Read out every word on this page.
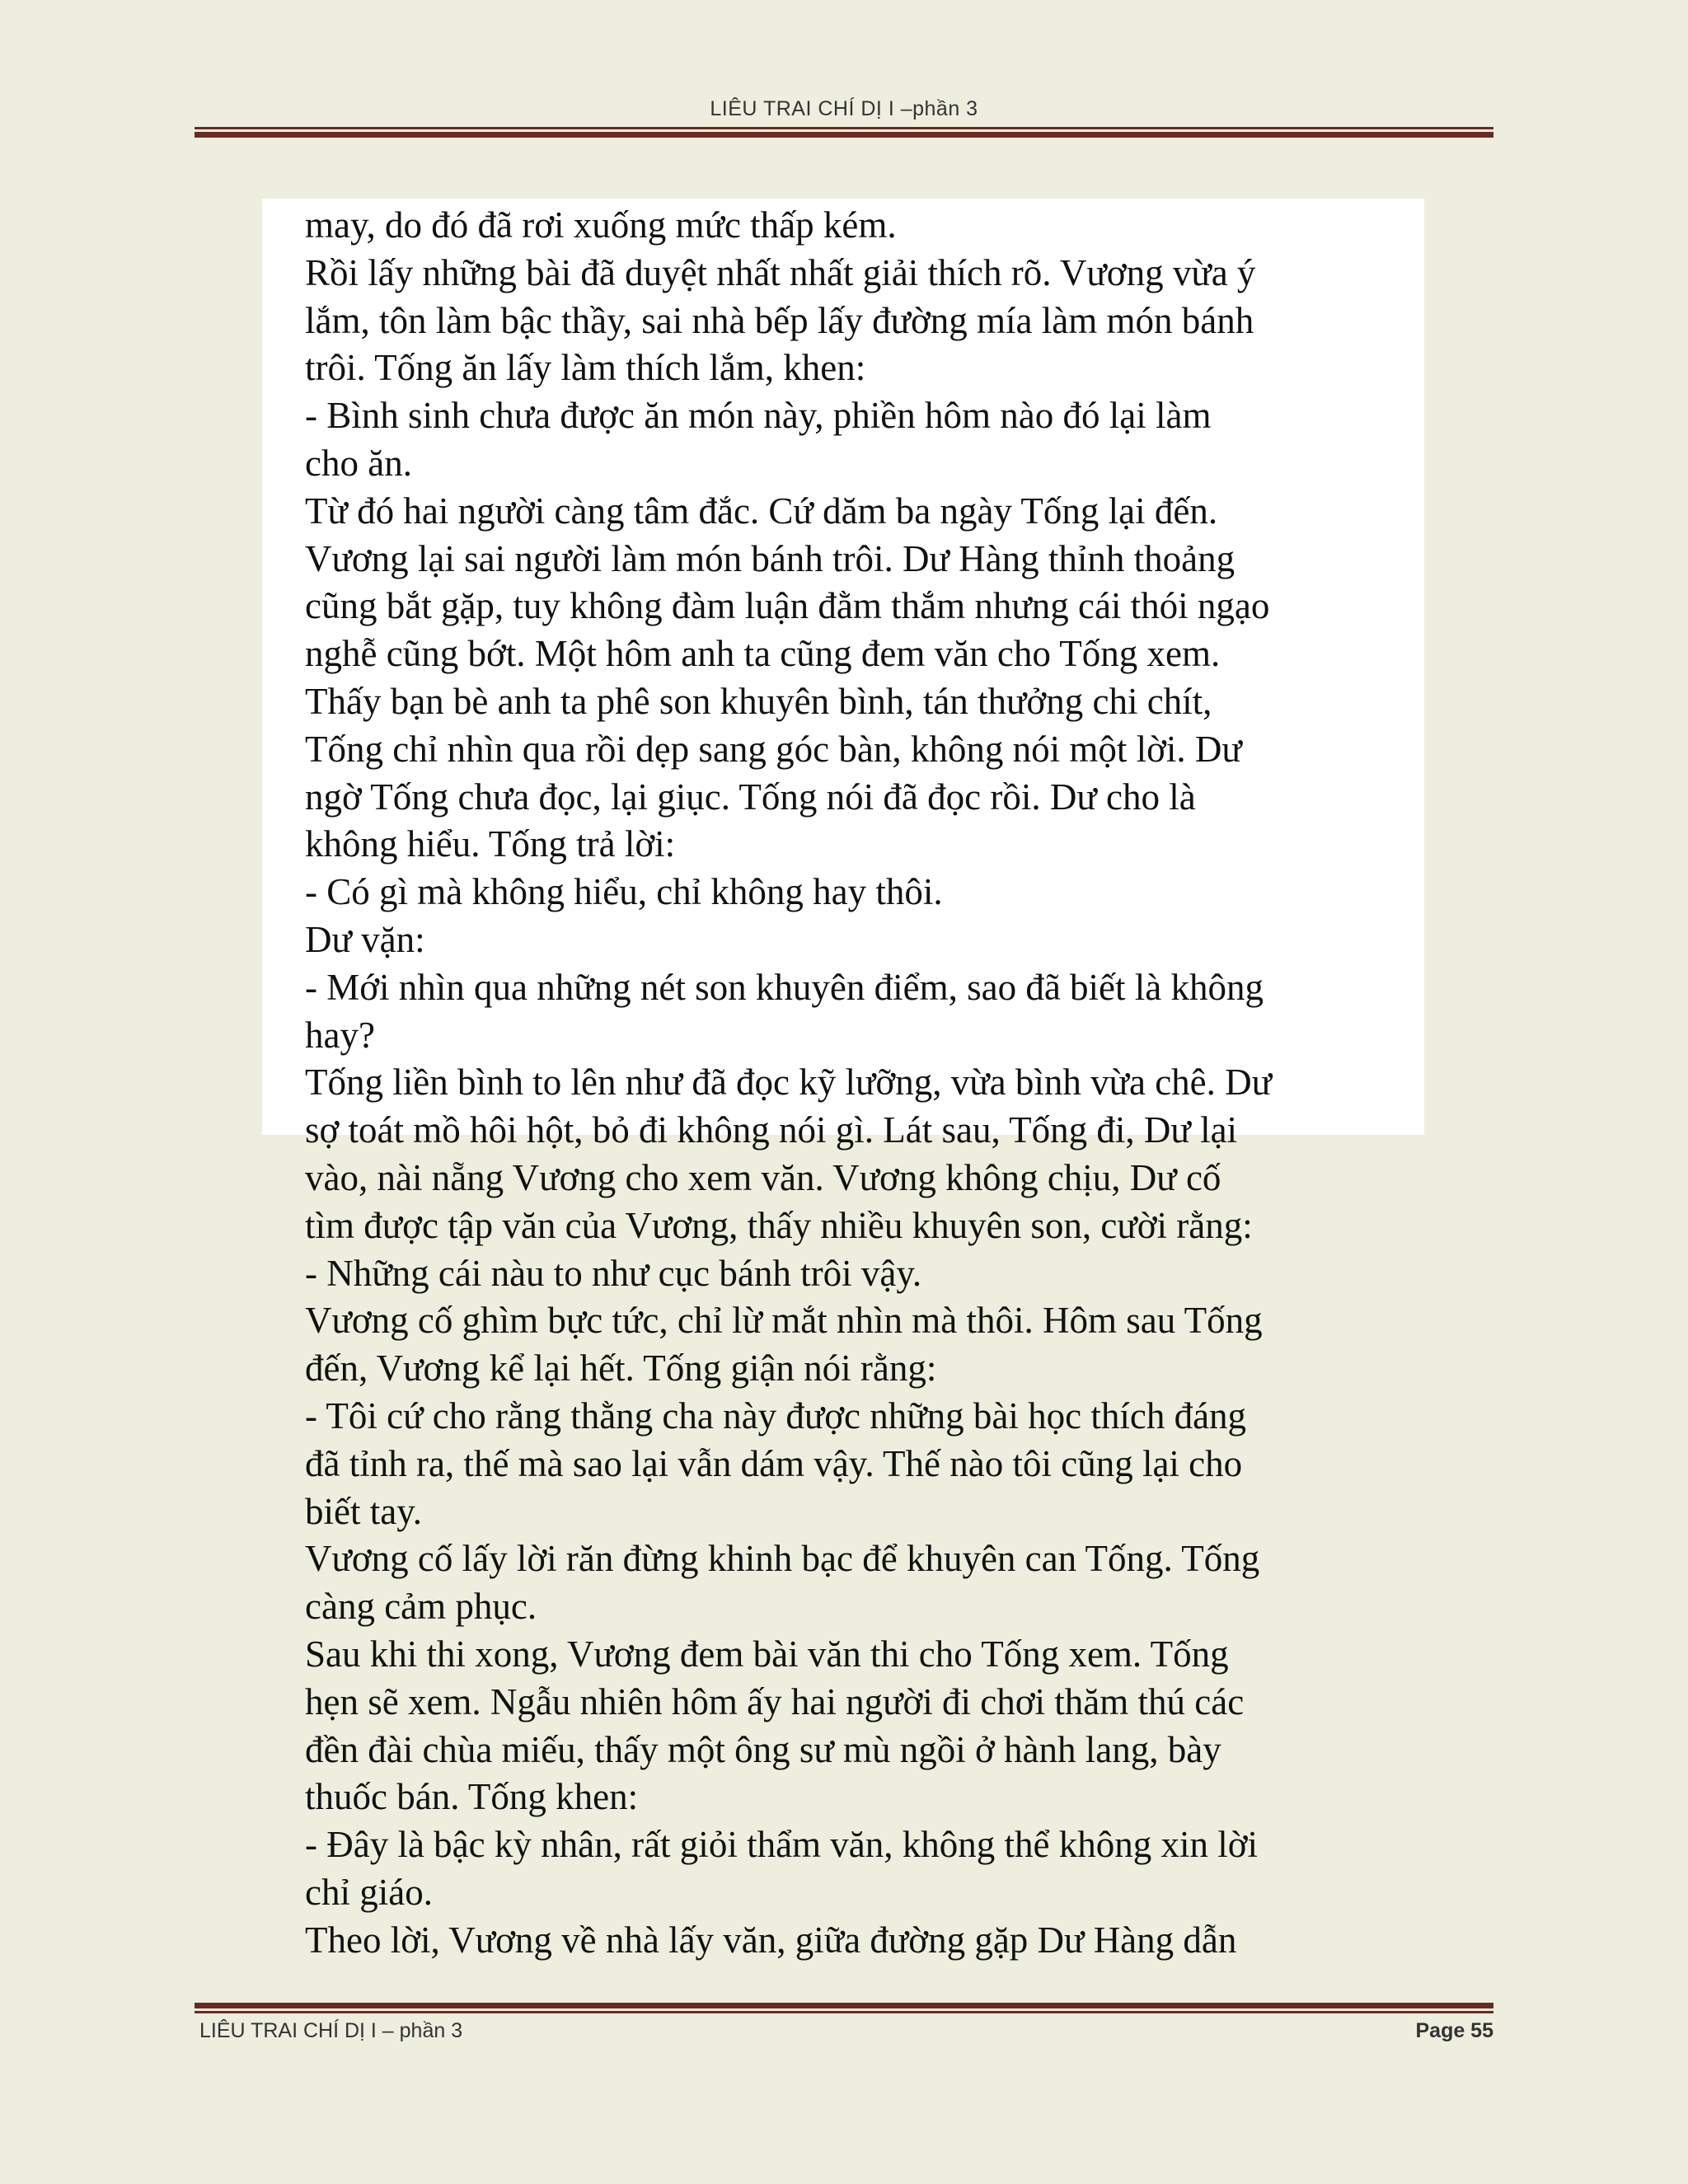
LIÊU TRAI CHÍ DỊ I –phần 3
may, do đó đã rơi xuống mức thấp kém.
Rồi lấy những bài đã duyệt nhất nhất giải thích rõ. Vương vừa ý
lắm, tôn làm bậc thầy, sai nhà bếp lấy đường mía làm món bánh
trôi. Tống ăn lấy làm thích lắm, khen:
- Bình sinh chưa được ăn món này, phiền hôm nào đó lại làm
cho ăn.
Từ đó hai người càng tâm đắc. Cứ dăm ba ngày Tống lại đến.
Vương lại sai người làm món bánh trôi. Dư Hàng thỉnh thoảng
cũng bắt gặp, tuy không đàm luận đằm thắm nhưng cái thói ngạo
nghễ cũng bớt. Một hôm anh ta cũng đem văn cho Tống xem.
Thấy bạn bè anh ta phê son khuyên bình, tán thưởng chi chít,
Tống chỉ nhìn qua rồi dẹp sang góc bàn, không nói một lời. Dư
ngờ Tống chưa đọc, lại giục. Tống nói đã đọc rồi. Dư cho là
không hiểu. Tống trả lời:
- Có gì mà không hiểu, chỉ không hay thôi.
Dư vặn:
- Mới nhìn qua những nét son khuyên điểm, sao đã biết là không
hay?
Tống liền bình to lên như đã đọc kỹ lưỡng, vừa bình vừa chê. Dư
sợ toát mồ hôi hột, bỏ đi không nói gì. Lát sau, Tống đi, Dư lại
vào, nài nẵng Vương cho xem văn. Vương không chịu, Dư cố
tìm được tập văn của Vương, thấy nhiều khuyên son, cười rằng:
- Những cái nàu to như cục bánh trôi vậy.
Vương cố ghìm bực tức, chỉ lừ mắt nhìn mà thôi. Hôm sau Tống
đến, Vương kể lại hết. Tống giận nói rằng:
- Tôi cứ cho rằng thằng cha này được những bài học thích đáng
đã tỉnh ra, thế mà sao lại vẫn dám vậy. Thế nào tôi cũng lại cho
biết tay.
Vương cố lấy lời răn đừng khinh bạc để khuyên can Tống. Tống
càng cảm phục.
Sau khi thi xong, Vương đem bài văn thi cho Tống xem. Tống
hẹn sẽ xem. Ngẫu nhiên hôm ấy hai người đi chơi thăm thú các
đền đài chùa miếu, thấy một ông sư mù ngồi ở hành lang, bày
thuốc bán. Tống khen:
- Đây là bậc kỳ nhân, rất giỏi thẩm văn, không thể không xin lời
chỉ giáo.
Theo lời, Vương về nhà lấy văn, giữa đường gặp Dư Hàng dẫn
LIÊU TRAI CHÍ DỊ I – phần 3	Page 55
